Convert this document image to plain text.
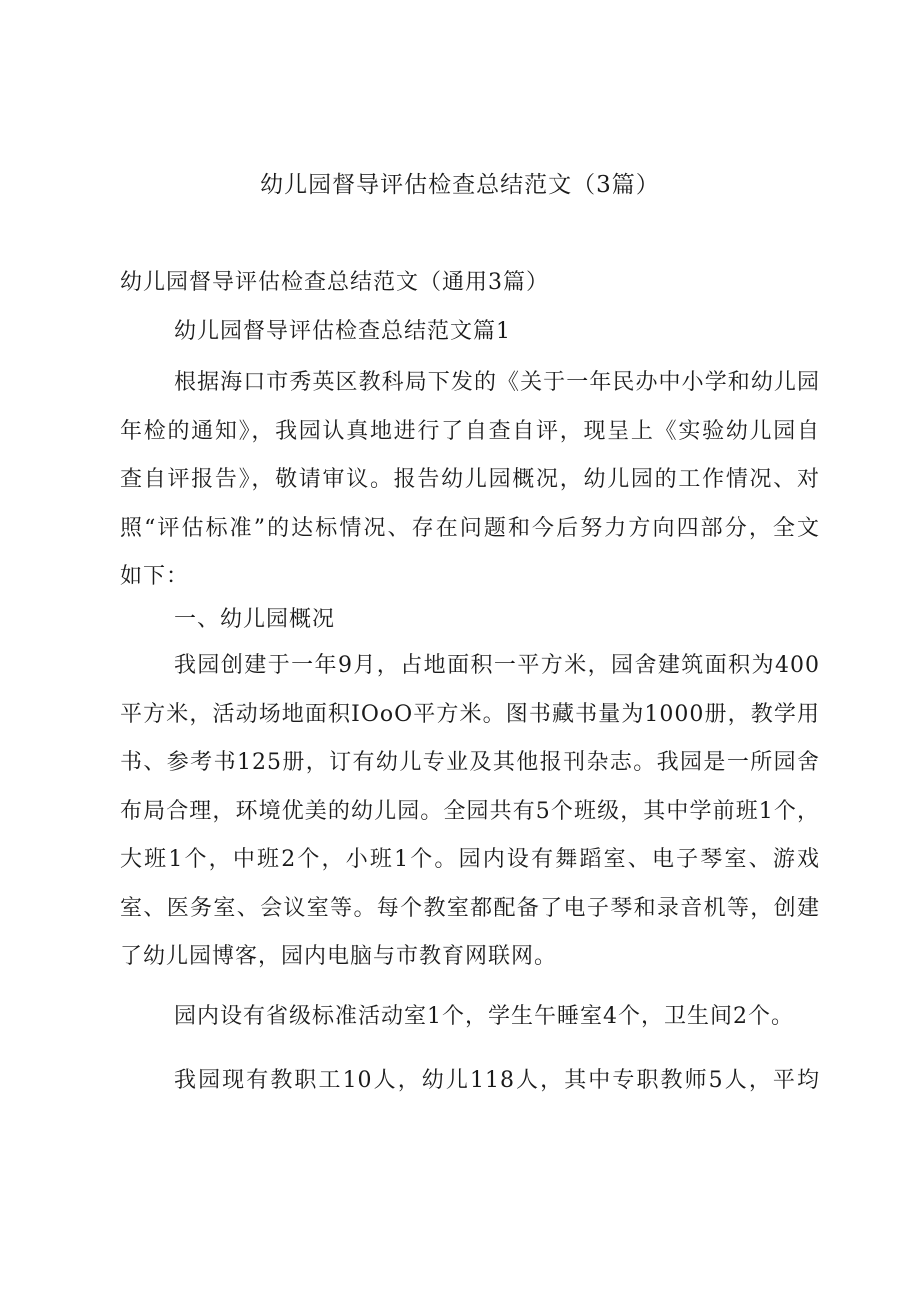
幼儿园督导评估检查总结范文（3篇）

幼儿园督导评估检查总结范文（通用3篇）

幼儿园督导评估检查总结范文篇1

根据海口市秀英区教科局下发的《关于一年民办中小学和幼儿园
年检的通知》，我园认真地进行了自查自评，现呈上《实验幼儿园自
查自评报告》，敬请审议。报告幼儿园概况，幼儿园的工作情况、对
照“评估标准”的达标情况、存在问题和今后努力方向四部分，全文
如下：

一、幼儿园概况

我园创建于一年9月，占地面积一平方米，园舍建筑面积为400
平方米，活动场地面积IOoO平方米。图书藏书量为1000册，教学用
书、参考书125册，订有幼儿专业及其他报刊杂志。我园是一所园舍
布局合理，环境优美的幼儿园。全园共有5个班级，其中学前班1个，
大班1个，中班2个，小班1个。园内设有舞蹈室、电子琴室、游戏
室、医务室、会议室等。每个教室都配备了电子琴和录音机等，创建
了幼儿园博客，园内电脑与市教育网联网。
园内设有省级标准活动室1个，学生午睡室4个，卫生间2个。
我园现有教职工10人，幼儿118人，其中专职教师5人，平均
